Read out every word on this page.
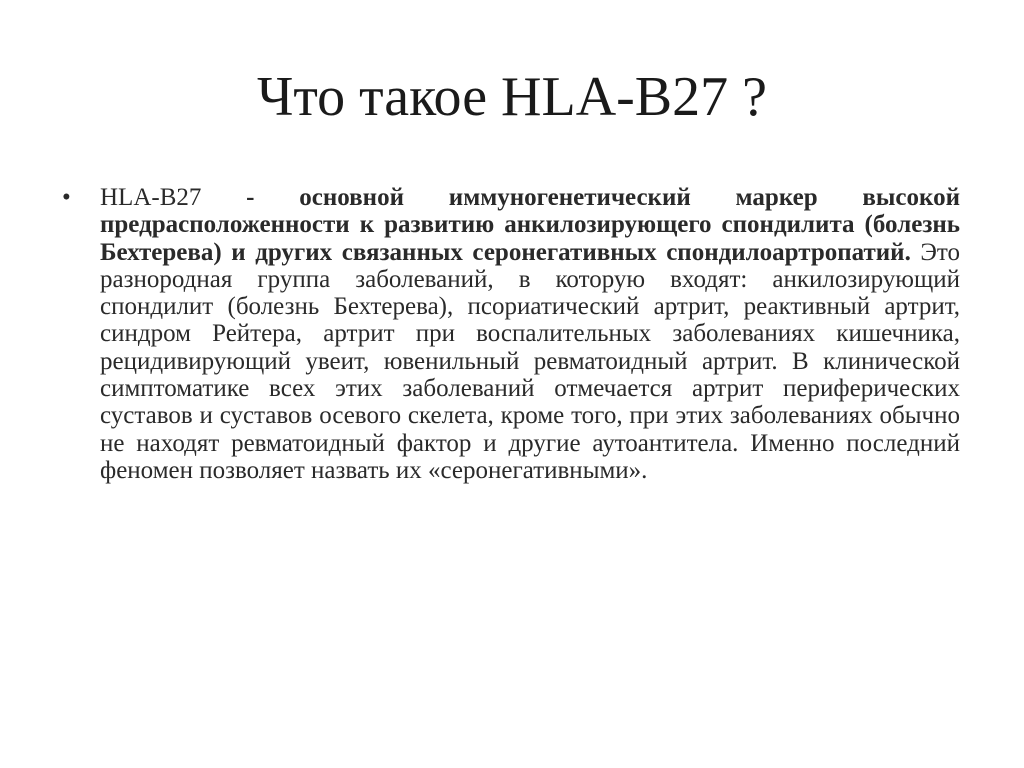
Что такое HLA-B27 ?
• HLA-B27 - основной иммуногенетический маркер высокой предрасположенности к развитию анкилозирующего спондилита (болезнь Бехтерева) и других связанных серонегативных спондилоартропатий. Это разнородная группа заболеваний, в которую входят: анкилозирующий спондилит (болезнь Бехтерева), псориатический артрит, реактивный артрит, синдром Рейтера, артрит при воспалительных заболеваниях кишечника, рецидивирующий увеит, ювенильный ревматоидный артрит. В клинической симптоматике всех этих заболеваний отмечается артрит периферических суставов и суставов осевого скелета, кроме того, при этих заболеваниях обычно не находят ревматоидный фактор и другие аутоантитела. Именно последний феномен позволяет назвать их «серонегативными».
